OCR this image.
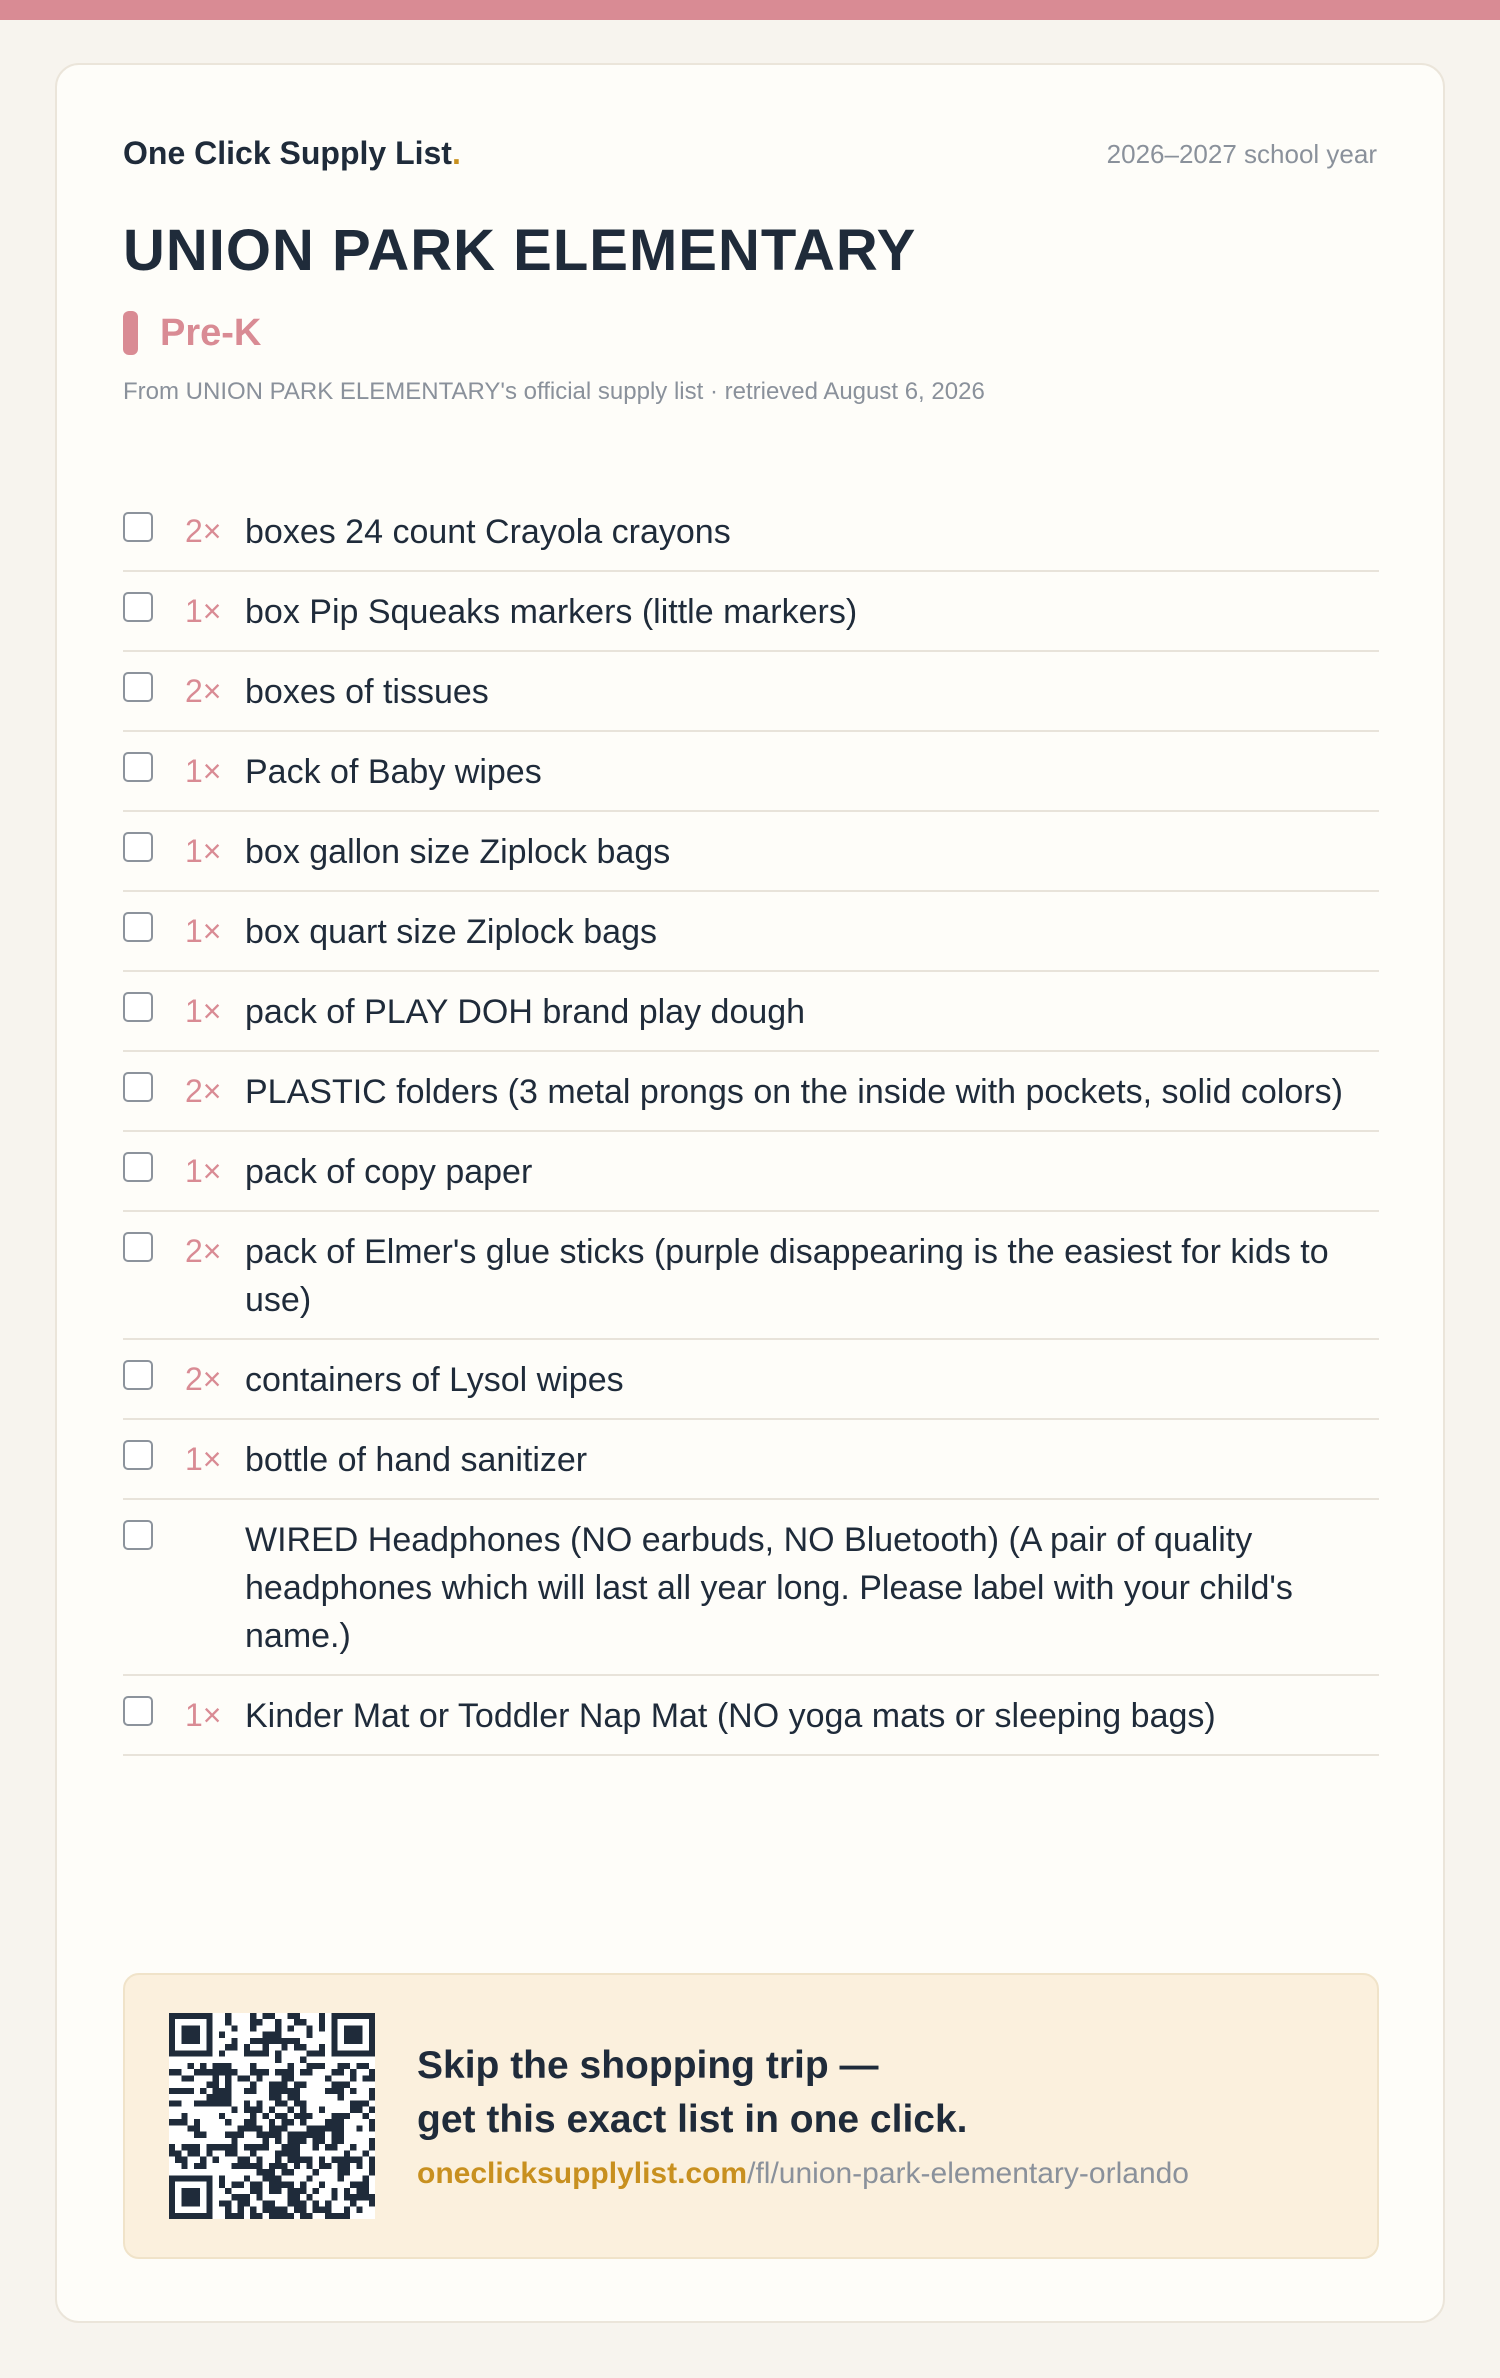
One Click Supply List.	2026–2027 school year
UNION PARK ELEMENTARY
Pre-K
From UNION PARK ELEMENTARY's official supply list · retrieved August 6, 2026
2× boxes 24 count Crayola crayons
1× box Pip Squeaks markers (little markers)
2× boxes of tissues
1× Pack of Baby wipes
1× box gallon size Ziplock bags
1× box quart size Ziplock bags
1× pack of PLAY DOH brand play dough
2× PLASTIC folders (3 metal prongs on the inside with pockets, solid colors)
1× pack of copy paper
2× pack of Elmer's glue sticks (purple disappearing is the easiest for kids to use)
2× containers of Lysol wipes
1× bottle of hand sanitizer
WIRED Headphones (NO earbuds, NO Bluetooth) (A pair of quality headphones which will last all year long. Please label with your child's name.)
1× Kinder Mat or Toddler Nap Mat (NO yoga mats or sleeping bags)
Skip the shopping trip —
get this exact list in one click.
oneclicksupplylist.com/fl/union-park-elementary-orlando
